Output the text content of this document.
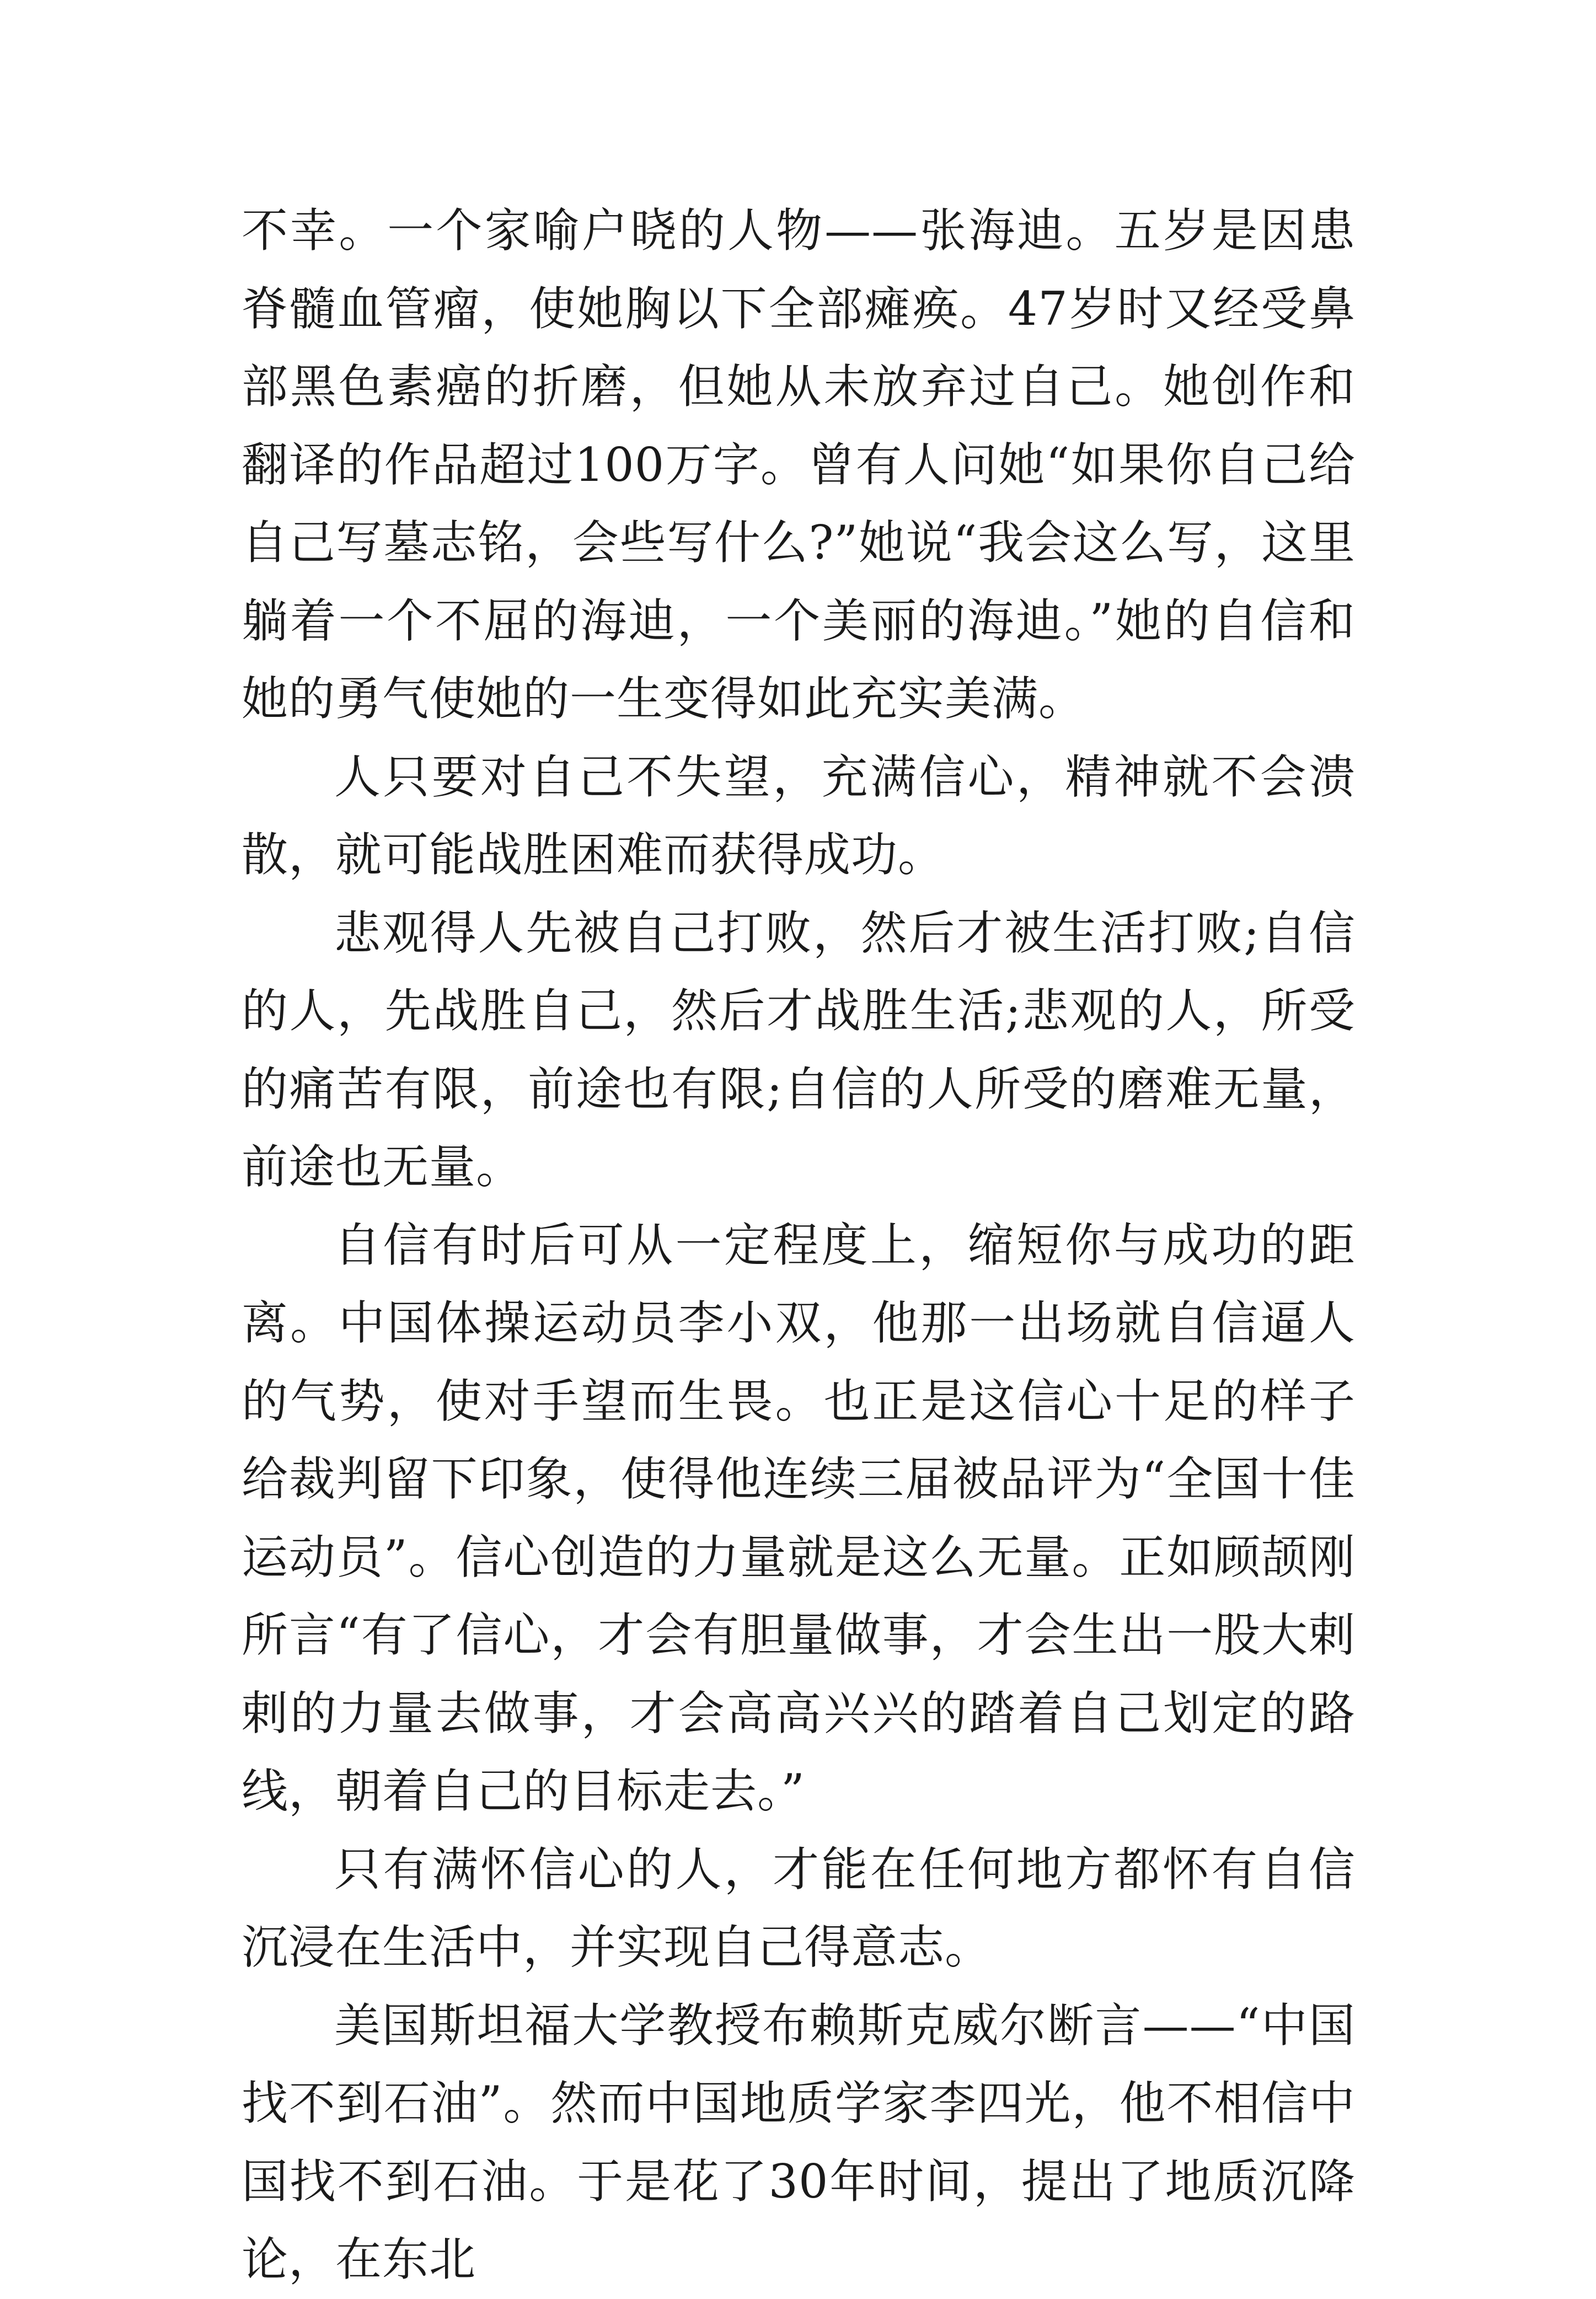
不幸。一个家喻户晓的人物——张海迪。五岁是因患脊髓血管瘤，使她胸以下全部瘫痪。47岁时又经受鼻部黑色素癌的折磨，但她从未放弃过自己。她创作和翻译的作品超过100万字。曾有人问她“如果你自己给自己写墓志铭，会些写什么?”她说“我会这么写，这里躺着一个不屈的海迪，一个美丽的海迪。”她的自信和她的勇气使她的一生变得如此充实美满。

人只要对自己不失望，充满信心，精神就不会溃散，就可能战胜困难而获得成功。

悲观得人先被自己打败，然后才被生活打败;自信的人，先战胜自己，然后才战胜生活;悲观的人，所受的痛苦有限，前途也有限;自信的人所受的磨难无量，前途也无量。

自信有时后可从一定程度上，缩短你与成功的距离。中国体操运动员李小双，他那一出场就自信逼人的气势，使对手望而生畏。也正是这信心十足的样子给裁判留下印象，使得他连续三届被品评为“全国十佳运动员”。信心创造的力量就是这么无量。正如顾颉刚所言“有了信心，才会有胆量做事，才会生出一股大剌剌的力量去做事，才会高高兴兴的踏着自己划定的路线，朝着自己的目标走去。”

只有满怀信心的人，才能在任何地方都怀有自信沉浸在生活中，并实现自己得意志。

美国斯坦福大学教授布赖斯克威尔断言——“中国找不到石油”。然而中国地质学家李四光，他不相信中国找不到石油。于是花了30年时间，提出了地质沉降论，在东北
